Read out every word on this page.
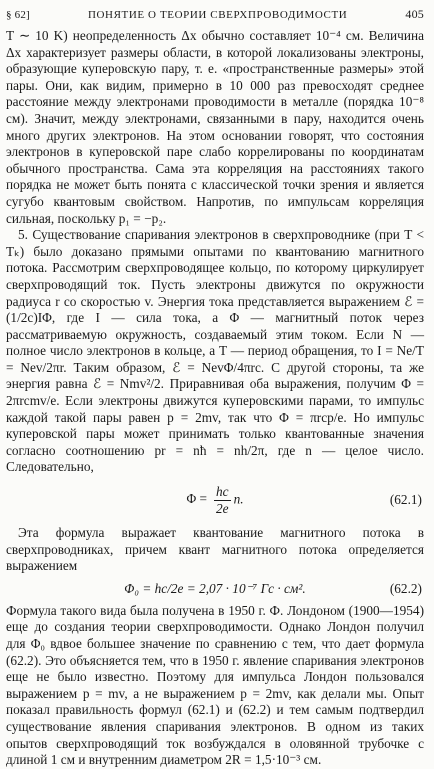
§ 62]	ПОНЯТИЕ О ТЕОРИИ СВЕРХПРОВОДИМОСТИ	405

T ∼ 10 K) неопределенность Δx обычно составляет 10⁻⁴ см. Величина Δx характеризует размеры области, в которой локализованы электроны, образующие куперовскую пару, т. е. «пространственные размеры» этой пары. Они, как видим, примерно в 10 000 раз превосходят среднее расстояние между электронами проводимости в металле (порядка 10⁻⁸ см). Значит, между электронами, связанными в пару, находится очень много других электронов. На этом основании говорят, что состояния электронов в куперовской паре слабо коррелированы по координатам обычного пространства. Сама эта корреляция на расстояниях такого порядка не может быть понята с классической точки зрения и является сугубо квантовым свойством. Напротив, по импульсам корреляция сильная, поскольку p₁ = −p₂.

5. Существование спаривания электронов в сверхпроводнике (при T < Tₖ) было доказано прямыми опытами по квантованию магнитного потока. Рассмотрим сверхпроводящее кольцо, по которому циркулирует сверхпроводящий ток. Пусть электроны движутся по окружности радиуса r со скоростью v. Энергия тока представляется выражением ℰ = (1/2c)IΦ, где I — сила тока, а Φ — магнитный поток через рассматриваемую окружность, создаваемый этим током. Если N — полное число электронов в кольце, а T — период обращения, то I = Ne/T = Nev/2πr. Таким образом, ℰ = NevΦ/4πrc. С другой стороны, та же энергия равна ℰ = Nmv²/2. Приравнивая оба выражения, получим Φ = 2πrcmv/e. Если электроны движутся куперовскими парами, то импульс каждой такой пары равен p = 2mv, так что Φ = πrcp/e. Но импульс куперовской пары может принимать только квантованные значения согласно соотношению pr = nħ = nh/2π, где n — целое число. Следовательно,

$\Phi = \frac{hc}{2e} n$.	(62.1)

Эта формула выражает квантование магнитного потока в сверхпроводниках, причем квант магнитного потока определяется выражением

Φ₀ = hc/2e = 2,07 · 10⁻⁷ Гс · см².	(62.2)

Формула такого вида была получена в 1950 г. Ф. Лондоном (1900—1954) еще до создания теории сверхпроводимости. Однако Лондон получил для Φ₀ вдвое большее значение по сравнению с тем, что дает формула (62.2). Это объясняется тем, что в 1950 г. явление спаривания электронов еще не было известно. Поэтому для импульса Лондон пользовался выражением p = mv, а не выражением p = 2mv, как делали мы. Опыт показал правильность формул (62.1) и (62.2) и тем самым подтвердил существование явления спаривания электронов. В одном из таких опытов сверхпроводящий ток возбуждался в оловянной трубочке с длиной 1 см и внутренним диаметром 2R = 1,5·10⁻³ см.
